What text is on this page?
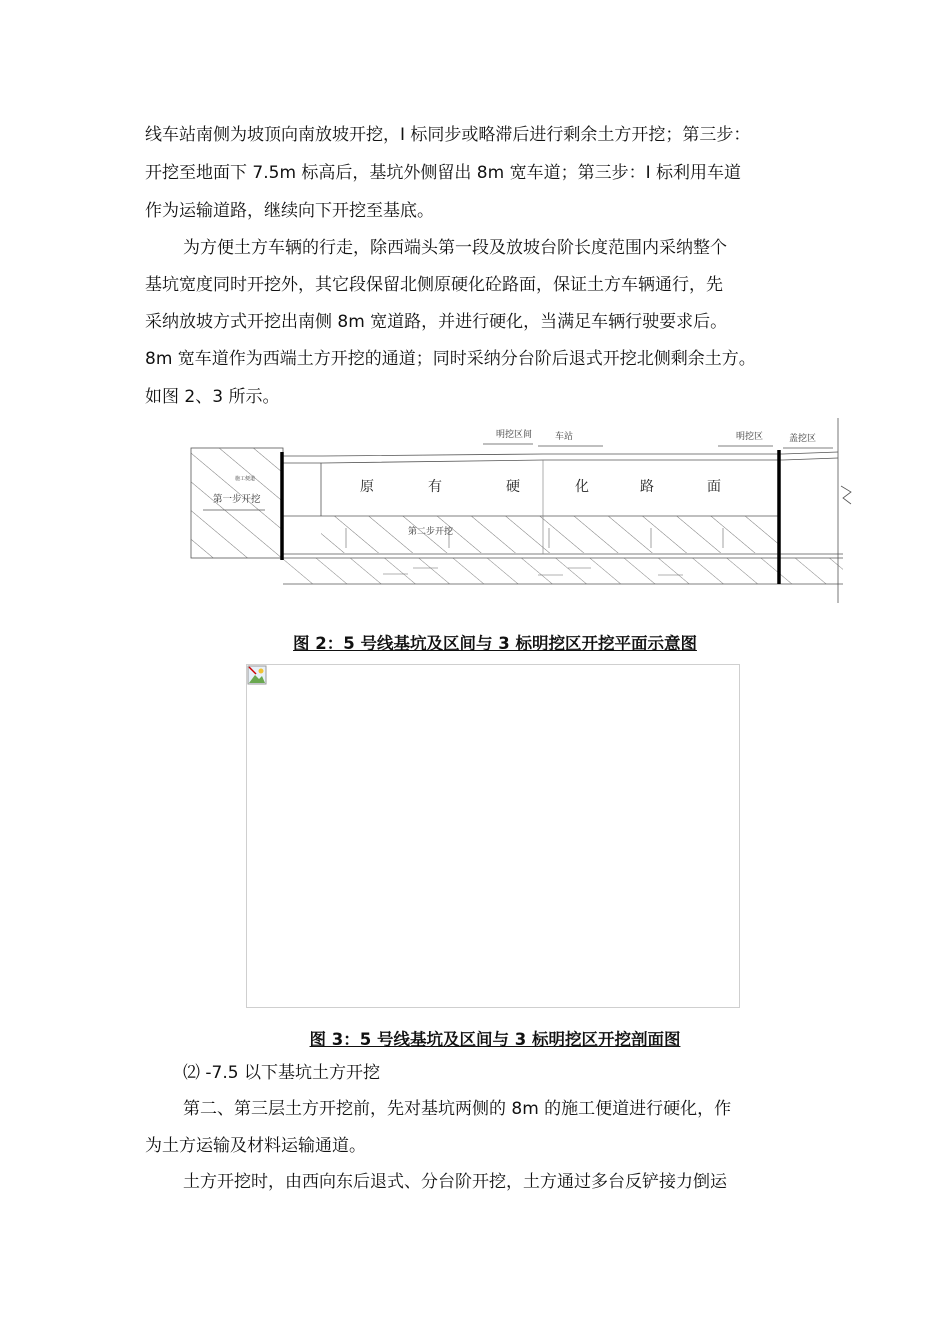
线车站南侧为坡顶向南放坡开挖，I 标同步或略滞后进行剩余土方开挖；第三步：
开挖至地面下 7.5m 标高后，基坑外侧留出 8m 宽车道；第三步：I 标利用车道
作为运输道路，继续向下开挖至基底。
为方便土方车辆的行走，除西端头第一段及放坡台阶长度范围内采纳整个
基坑宽度同时开挖外，其它段保留北侧原硬化砼路面，保证土方车辆通行，先
采纳放坡方式开挖出南侧 8m 宽道路，并进行硬化，当满足车辆行驶要求后。
8m 宽车道作为西端土方开挖的通道；同时采纳分台阶后退式开挖北侧剩余土方。
如图 2、3 所示。
明挖区间	车站	明挖区	盖挖区
施工便道
第一步开挖
第二步开挖
原	有	硬	化	路	面
图 2：5 号线基坑及区间与 3 标明挖区开挖平面示意图
图 3：5 号线基坑及区间与 3 标明挖区开挖剖面图
⑵ -7.5 以下基坑土方开挖
第二、第三层土方开挖前，先对基坑两侧的 8m 的施工便道进行硬化，作
为土方运输及材料运输通道。
土方开挖时，由西向东后退式、分台阶开挖，土方通过多台反铲接力倒运
